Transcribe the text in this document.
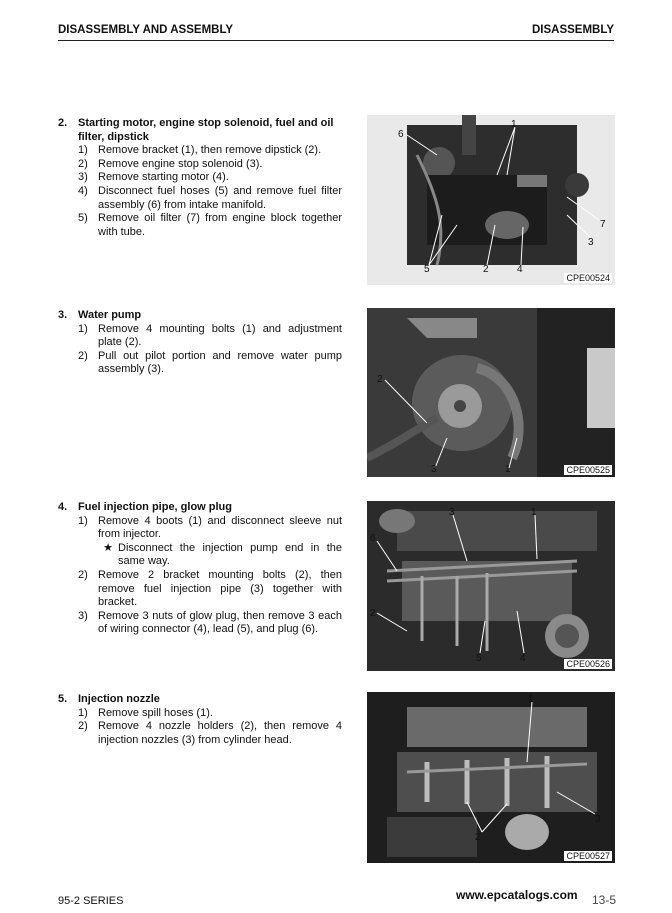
DISASSEMBLY AND ASSEMBLY	DISASSEMBLY
2. Starting motor, engine stop solenoid, fuel and oil filter, dipstick
1) Remove bracket (1), then remove dipstick (2).
2) Remove engine stop solenoid (3).
3) Remove starting motor (4).
4) Disconnect fuel hoses (5) and remove fuel filter assembly (6) from intake manifold.
5) Remove oil filter (7) from engine block together with tube.
1
2
3
4
5
6
7
CPE00524
3. Water pump
1) Remove 4 mounting bolts (1) and adjustment plate (2).
2) Pull out pilot portion and remove water pump assembly (3).
2
3	1	CPE00525
4. Fuel injection pipe, glow plug
1) Remove 4 boots (1) and disconnect sleeve nut from injector.
★ Disconnect the injection pump end in the same way.
2) Remove 2 bracket mounting bolts (2), then remove fuel injection pipe (3) together with bracket.
3) Remove 3 nuts of glow plug, then remove 3 each of wiring connector (4), lead (5), and plug (6).
3	1
6
2
5	4	CPE00526
5. Injection nozzle
1) Remove spill hoses (1).
2) Remove 4 nozzle holders (2), then remove 4 injection nozzles (3) from cylinder head.
1
2
3
CPE00527
95-2 SERIES	13-5
www.epcatalogs.com
